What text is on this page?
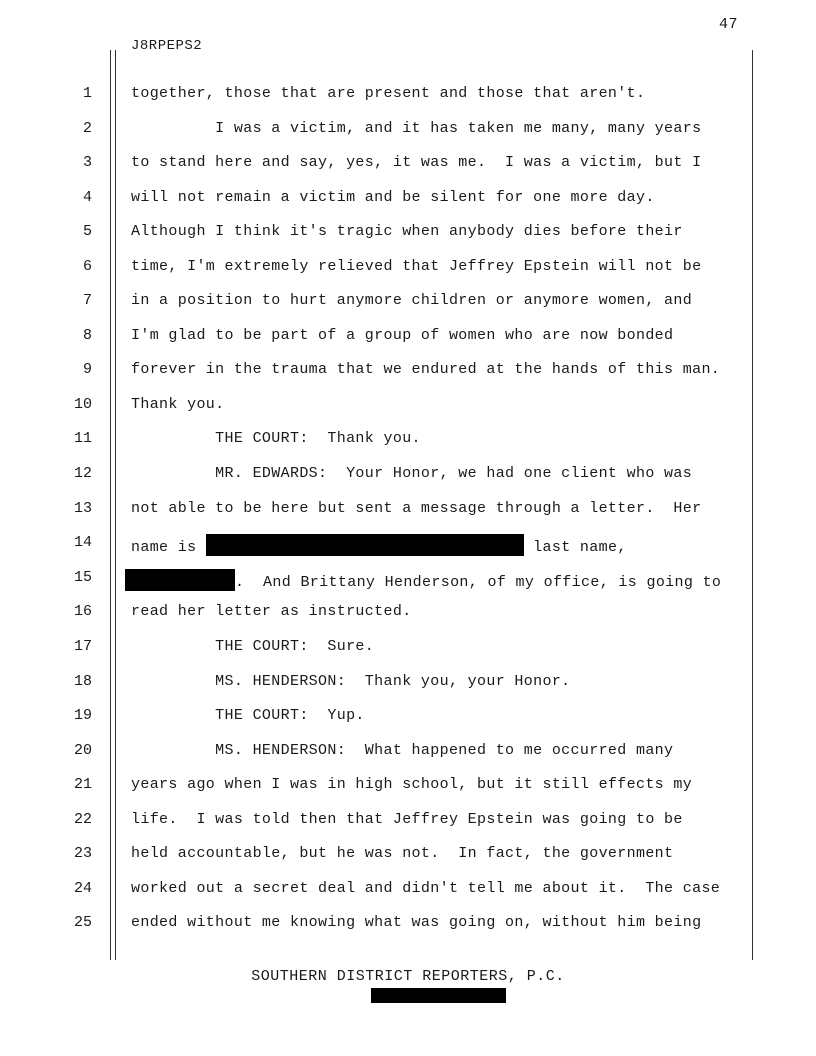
47
J8RPEPS2
1	together, those that are present and those that aren't.
2	I was a victim, and it has taken me many, many years
3	to stand here and say, yes, it was me.  I was a victim, but I
4	will not remain a victim and be silent for one more day.
5	Although I think it's tragic when anybody dies before their
6	time, I'm extremely relieved that Jeffrey Epstein will not be
7	in a position to hurt anymore children or anymore women, and
8	I'm glad to be part of a group of women who are now bonded
9	forever in the trauma that we endured at the hands of this man.
10	Thank you.
11	THE COURT:  Thank you.
12	MR. EDWARDS:  Your Honor, we had one client who was
13	not able to be here but sent a message through a letter.  Her
14	name is	last name,
15	.  And Brittany Henderson, of my office, is going to
16	read her letter as instructed.
17	THE COURT:  Sure.
18	MS. HENDERSON:  Thank you, your Honor.
19	THE COURT:  Yup.
20	MS. HENDERSON:  What happened to me occurred many
21	years ago when I was in high school, but it still effects my
22	life.  I was told then that Jeffrey Epstein was going to be
23	held accountable, but he was not.  In fact, the government
24	worked out a secret deal and didn't tell me about it.  The case
25	ended without me knowing what was going on, without him being
SOUTHERN DISTRICT REPORTERS, P.C.
